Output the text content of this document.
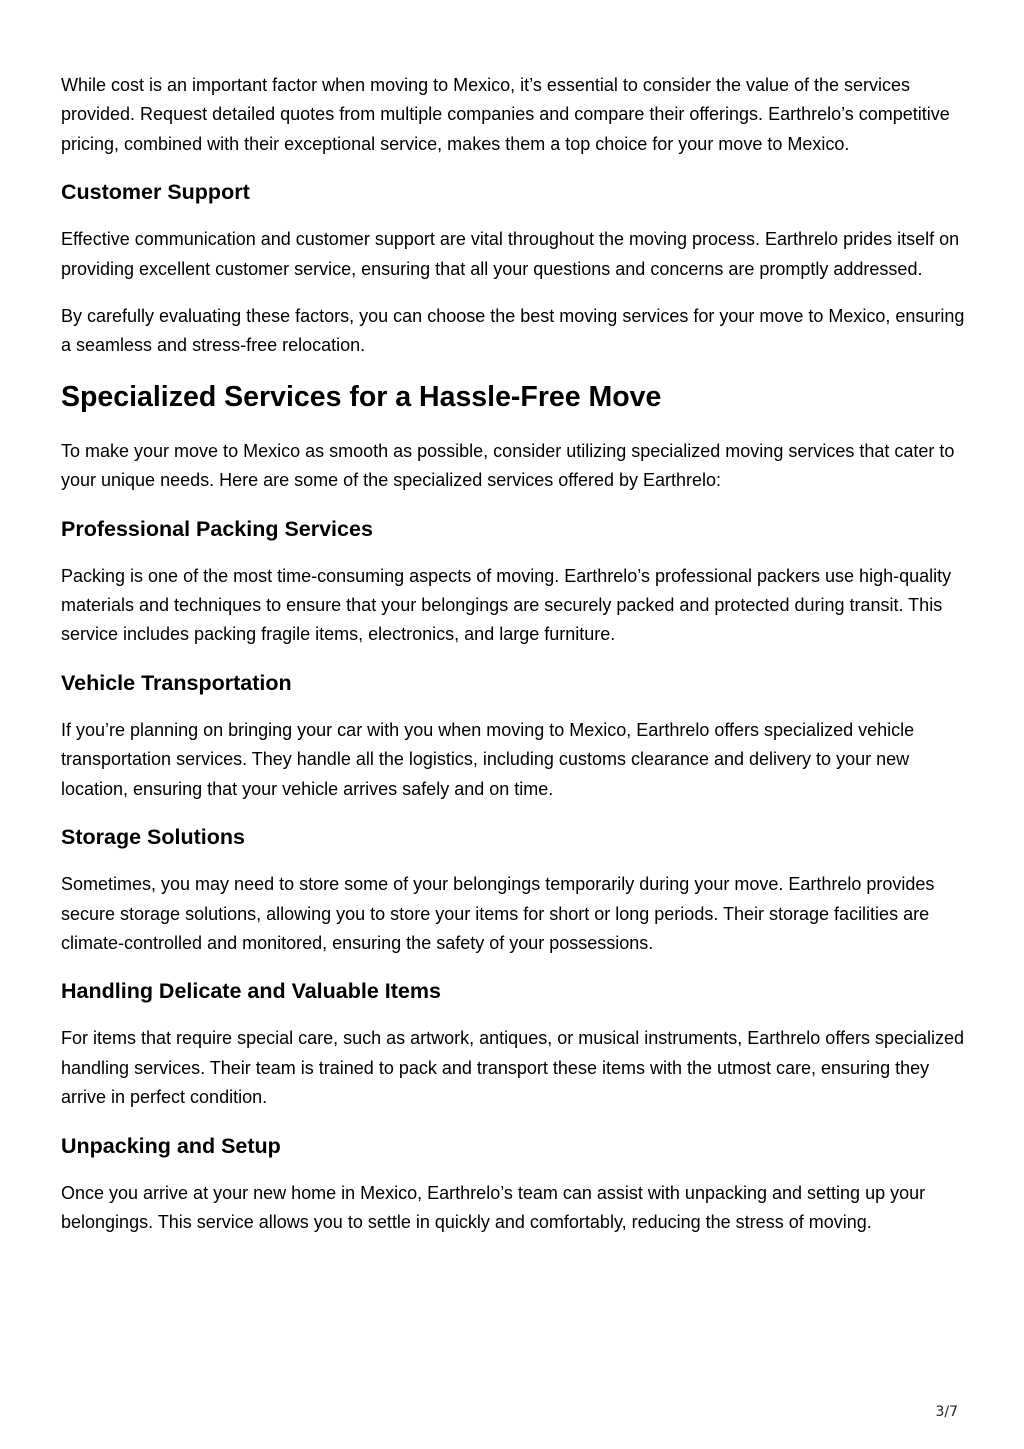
While cost is an important factor when moving to Mexico, it’s essential to consider the value of the services provided. Request detailed quotes from multiple companies and compare their offerings. Earthrelo’s competitive pricing, combined with their exceptional service, makes them a top choice for your move to Mexico.

Customer Support

Effective communication and customer support are vital throughout the moving process. Earthrelo prides itself on providing excellent customer service, ensuring that all your questions and concerns are promptly addressed.

By carefully evaluating these factors, you can choose the best moving services for your move to Mexico, ensuring a seamless and stress-free relocation.

Specialized Services for a Hassle-Free Move

To make your move to Mexico as smooth as possible, consider utilizing specialized moving services that cater to your unique needs. Here are some of the specialized services offered by Earthrelo:

Professional Packing Services

Packing is one of the most time-consuming aspects of moving. Earthrelo’s professional packers use high-quality materials and techniques to ensure that your belongings are securely packed and protected during transit. This service includes packing fragile items, electronics, and large furniture.

Vehicle Transportation

If you’re planning on bringing your car with you when moving to Mexico, Earthrelo offers specialized vehicle transportation services. They handle all the logistics, including customs clearance and delivery to your new location, ensuring that your vehicle arrives safely and on time.

Storage Solutions

Sometimes, you may need to store some of your belongings temporarily during your move. Earthrelo provides secure storage solutions, allowing you to store your items for short or long periods. Their storage facilities are climate-controlled and monitored, ensuring the safety of your possessions.

Handling Delicate and Valuable Items

For items that require special care, such as artwork, antiques, or musical instruments, Earthrelo offers specialized handling services. Their team is trained to pack and transport these items with the utmost care, ensuring they arrive in perfect condition.

Unpacking and Setup

Once you arrive at your new home in Mexico, Earthrelo’s team can assist with unpacking and setting up your belongings. This service allows you to settle in quickly and comfortably, reducing the stress of moving.

3/7
